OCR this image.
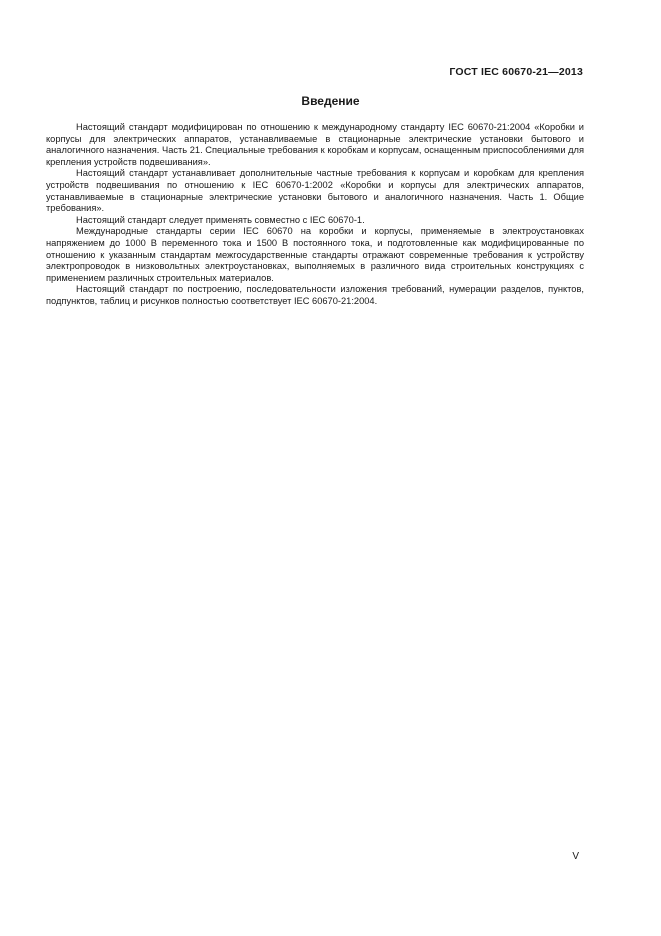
ГОСТ IEC 60670-21—2013
Введение

Настоящий стандарт модифицирован по отношению к международному стандарту IEC 60670-21:2004 «Коробки и корпусы для электрических аппаратов, устанавливаемые в стационарные электрические установки бытового и аналогичного назначения. Часть 21. Специальные требования к коробкам и корпусам, оснащенным приспособлениями для крепления устройств подвешивания».

Настоящий стандарт устанавливает дополнительные частные требования к корпусам и коробкам для крепления устройств подвешивания по отношению к IEC 60670-1:2002 «Коробки и корпусы для электрических аппаратов, устанавливаемые в стационарные электрические установки бытового и аналогичного назначения. Часть 1. Общие требования».

Настоящий стандарт следует применять совместно с IEC 60670-1.

Международные стандарты серии IEC 60670 на коробки и корпусы, применяемые в электроустановках напряжением до 1000 В переменного тока и 1500 В постоянного тока, и подготовленные как модифицированные по отношению к указанным стандартам межгосударственные стандарты отражают современные требования к устройству электропроводок в низковольтных электроустановках, выполняемых в различного вида строительных конструкциях с применением различных строительных материалов.

Настоящий стандарт по построению, последовательности изложения требований, нумерации разделов, пунктов, подпунктов, таблиц и рисунков полностью соответствует IEC 60670-21:2004.

V
